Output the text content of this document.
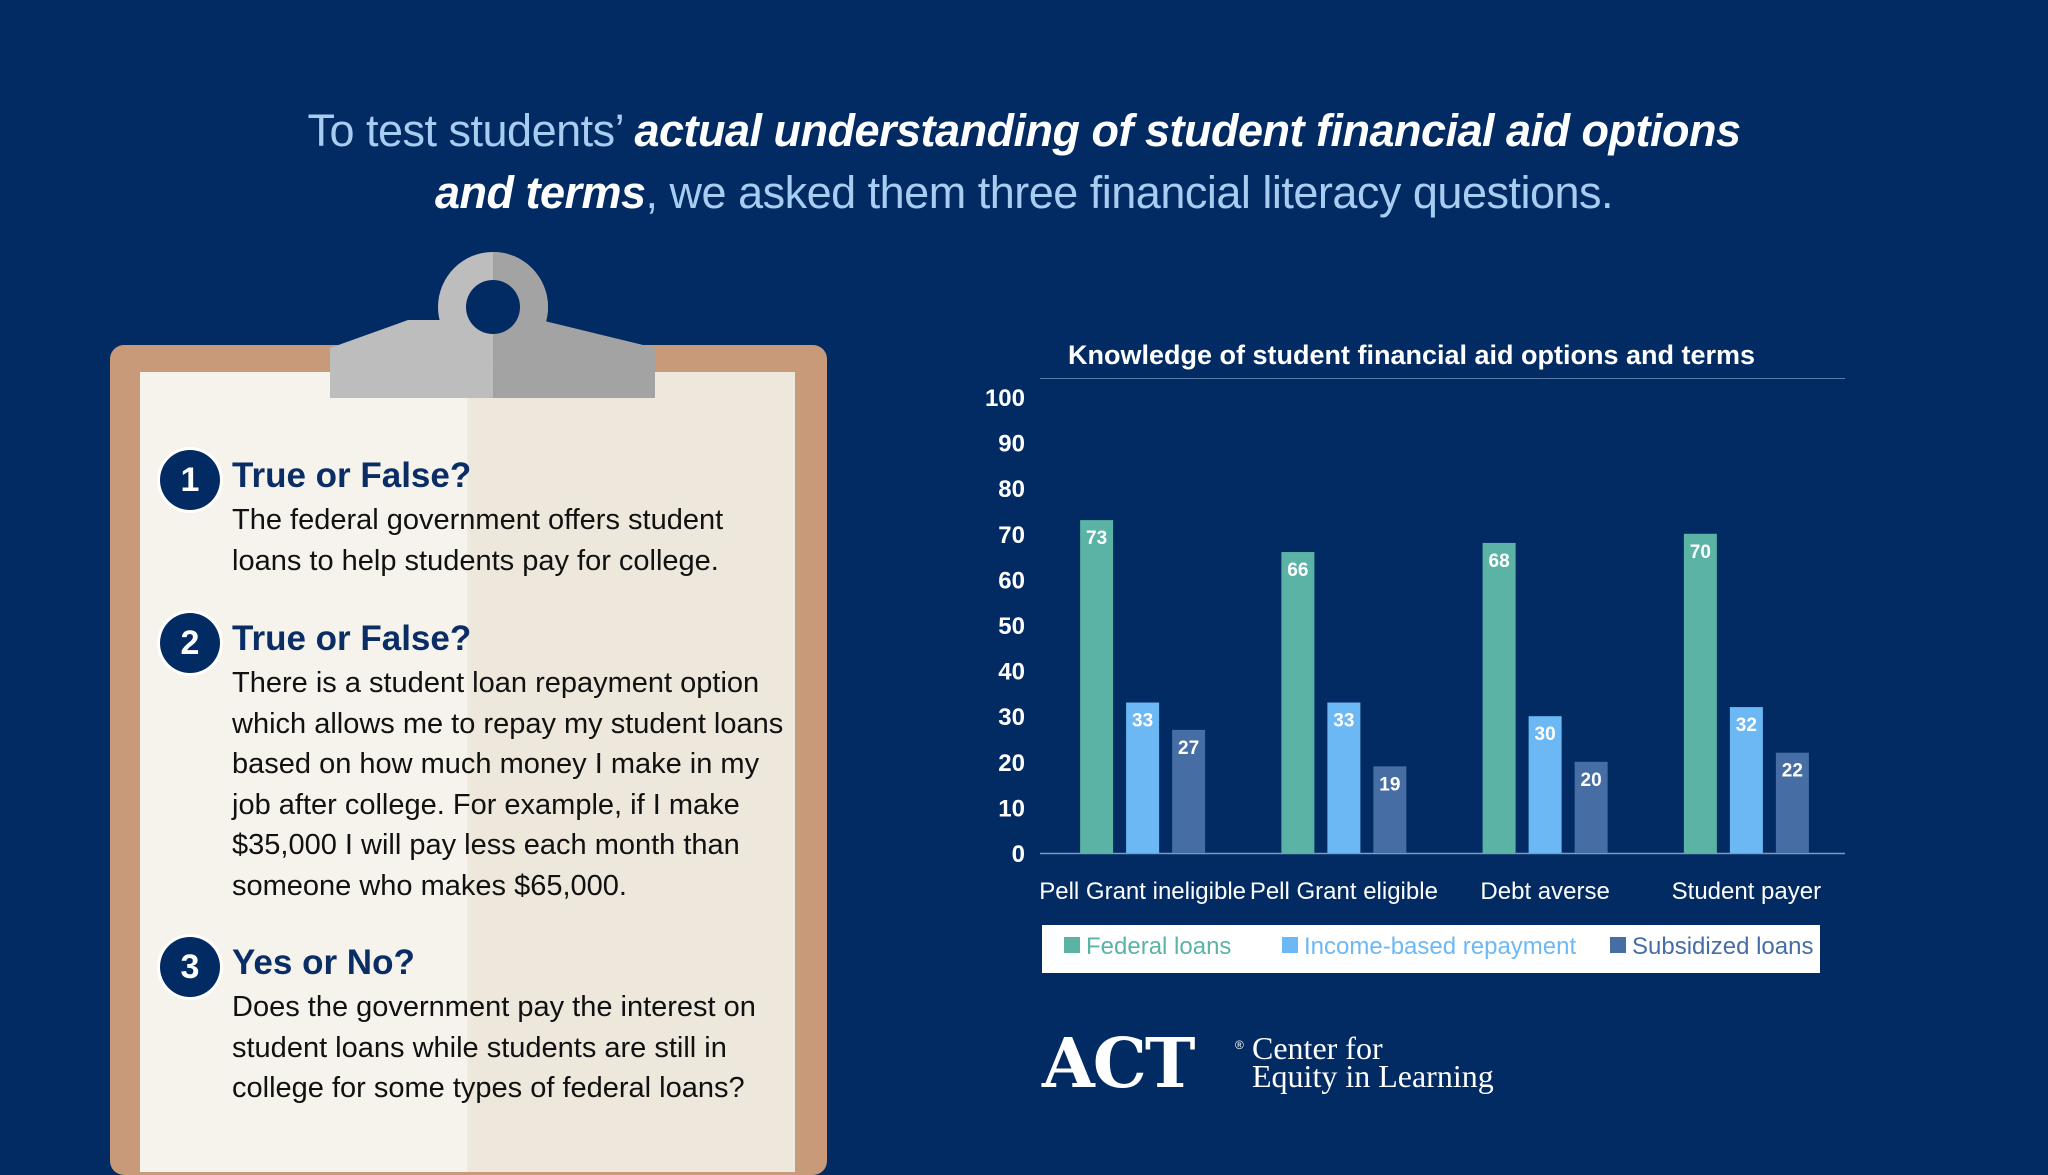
To test students’ actual understanding of student financial aid options
and terms, we asked them three financial literacy questions.
1 True or False?
The federal government offers student loans to help students pay for college.
2 True or False?
There is a student loan repayment option which allows me to repay my student loans based on how much money I make in my job after college. For example, if I make $35,000 I will pay less each month than someone who makes $65,000.
3 Yes or No?
Does the government pay the interest on student loans while students are still in college for some types of federal loans?
Knowledge of student financial aid options and terms
0
10
20
30
40
50
60
70
80
90
100
73
33
27
Pell Grant ineligible
66
33
19
Pell Grant eligible
68
30
20
Debt averse
70
32
22
Student payer
Federal loans	Income-based repayment	Subsidized loans
ACT	® Center for
Equity in Learning
